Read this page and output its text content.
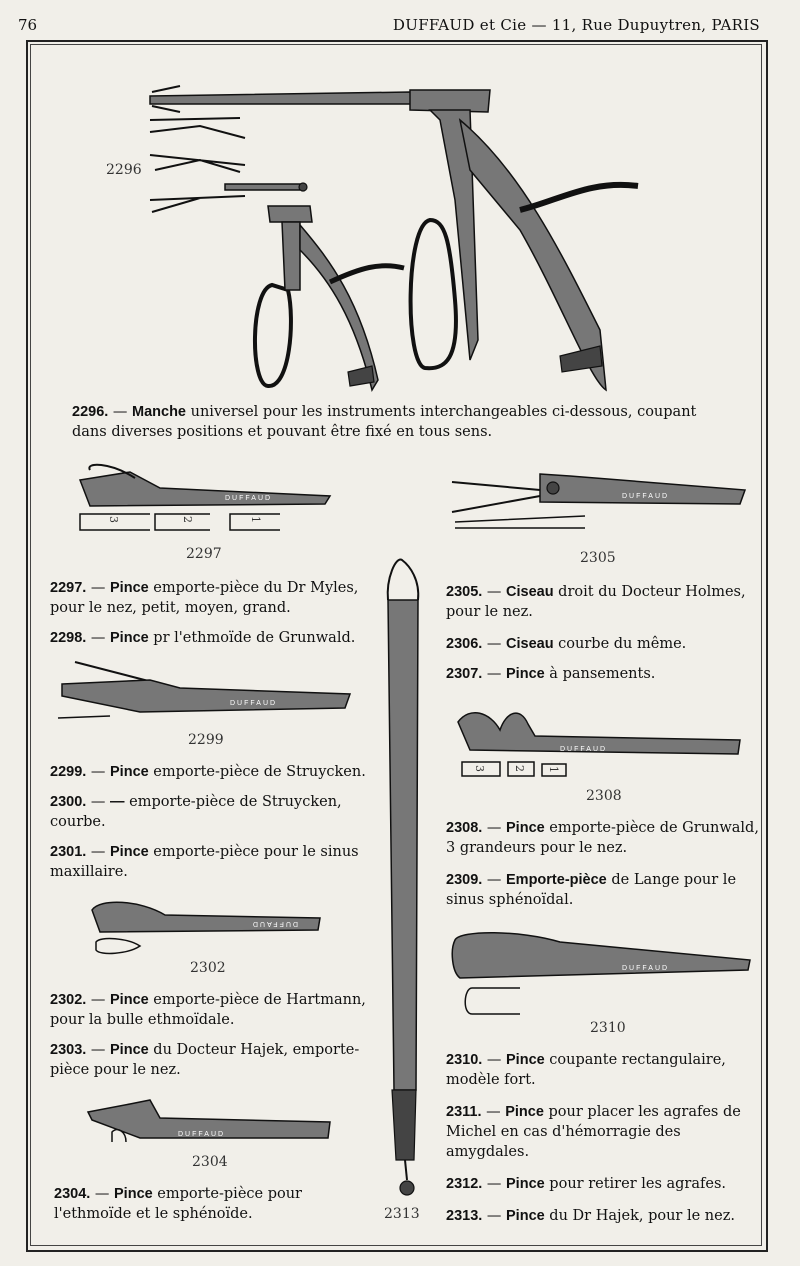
76	DUFFAUD et Cie — 11, Rue Dupuytren, PARIS
2296
2296. — Manche universel pour les instruments interchangeables ci-dessous, coupant dans diverses positions et pouvant être fixé en tous sens.
DUFFAUD
3	2	1
2297
2297. — Pince emporte-pièce du Dr Myles, pour le nez, petit, moyen, grand.
2298. — Pince pr l'ethmoïde de Grunwald.
DUFFAUD
2299
2299. — Pince emporte-pièce de Struycken.
2300. — — emporte-pièce de Struycken, courbe.
2301. — Pince emporte-pièce pour le sinus maxillaire.
DUFFAUD
2302
2302. — Pince emporte-pièce de Hartmann, pour la bulle ethmoïdale.
2303. — Pince du Docteur Hajek, emporte-pièce pour le nez.
DUFFAUD
2304
2304. — Pince emporte-pièce pour l'ethmoïde et le sphénoïde.	2313
DUFFAUD
2305
2305. — Ciseau droit du Docteur Holmes, pour le nez.
2306. — Ciseau courbe du même.
2307. — Pince à pansements.
DUFFAUD
3 2 1
2308
2308. — Pince emporte-pièce de Grunwald, 3 grandeurs pour le nez.
2309. — Emporte-pièce de Lange pour le sinus sphénoïdal.
DUFFAUD
2310
2310. — Pince coupante rectangulaire, modèle fort.
2311. — Pince pour placer les agrafes de Michel en cas d'hémorragie des amygdales.
2312. — Pince pour retirer les agrafes.
2313. — Pince du Dr Hajek, pour le nez.
